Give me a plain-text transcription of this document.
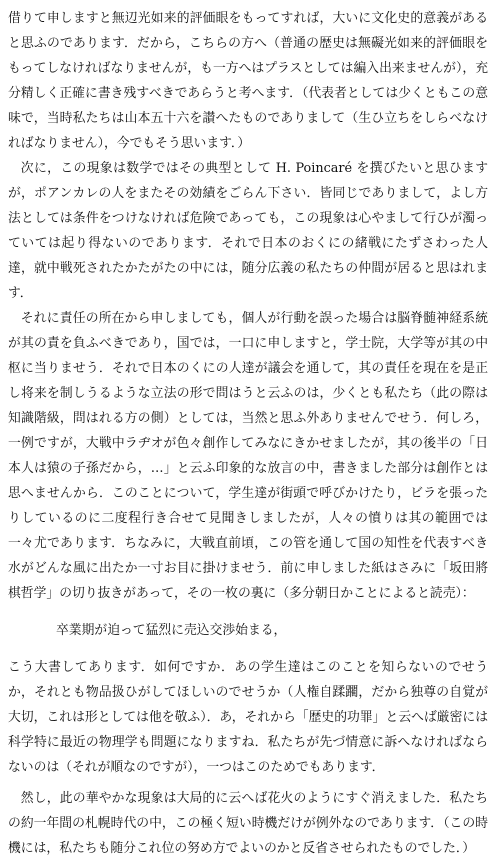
借りて申しますと無辺光如来的評価眼をもってすれば，大いに文化史的意義があると思ふのであります．だから，こちらの方へ（普通の歴史は無礙光如来的評価眼をもってしなければなりませんが，も一方へはプラスとしては編入出来ませんが），充分精しく正確に書き残すべきであらうと考へます．（代表者としては少くともこの意味で，当時私たちは山本五十六を讃へたものでありまして（生ひ立ちをしらべなければなりません），今でもそう思います．）

次に，この現象は数学ではその典型として H. Poincaré を撰びたいと思ひますが，ポアンカレの人をまたその効績をごらん下さい．皆同じでありまして，よし方法としては条件をつけなければ危険であっても，この現象は心やまして行ひが濁っていては起り得ないのであります．それで日本のおくにの緒戦にたずさわった人達，就中戦死されたかたがたの中には，随分広義の私たちの仲間が居ると思はれます．

それに責任の所在から申しましても，個人が行動を誤った場合は脳脊髄神経系統が其の責を負ふべきであり，国では，一口に申しますと，学士院，大学等が其の中枢に当りませう．それで日本のくにの人達が議会を通して，其の責任を現在を是正し将来を制しうるような立法の形で問はうと云ふのは，少くとも私たち（此の際は知識階級，問はれる方の側）としては，当然と思ふ外ありませんでせう．何しろ，一例ですが，大戦中ラヂオが色々創作してみなにきかせましたが，其の後半の「日本人は猿の子孫だから，…」と云ふ印象的な放言の中，書きました部分は創作とは思へませんから．このことについて，学生達が街頭で呼びかけたり，ビラを張ったりしているのに二度程行き合せて見聞きしましたが，人々の憤りは其の範囲では一々尤であります．ちなみに，大戦直前頃，この管を通して国の知性を代表すべき水がどんな風に出たか一寸お目に掛けませう．前に申しました紙はさみに「坂田將棋哲学」の切り抜きがあって，その一枚の裏に（多分朝日かことによると読売）：

卒業期が迫って猛烈に売込交渉始まる，

こう大書してあります．如何ですか．あの学生達はこのことを知らないのでせうか，それとも物品扱ひがしてほしいのでせうか（人権自蹂躙，だから独尊の自覚が大切，これは形としては他を敬ふ）．あ，それから「歴史的功罪」と云へば厳密には科学特に最近の物理学も問題になりますね．私たちが先づ情意に訴へなければならないのは（それが順なのですが），一つはこのためでもあります．

然し，此の華やかな現象は大局的に云へば花火のようにすぐ消えました．私たちの約一年間の札幌時代の中，この極く短い時機だけが例外なのであります．（この時機には，私たちも随分これ位の努め方でよいのかと反省させられたものでした．）
